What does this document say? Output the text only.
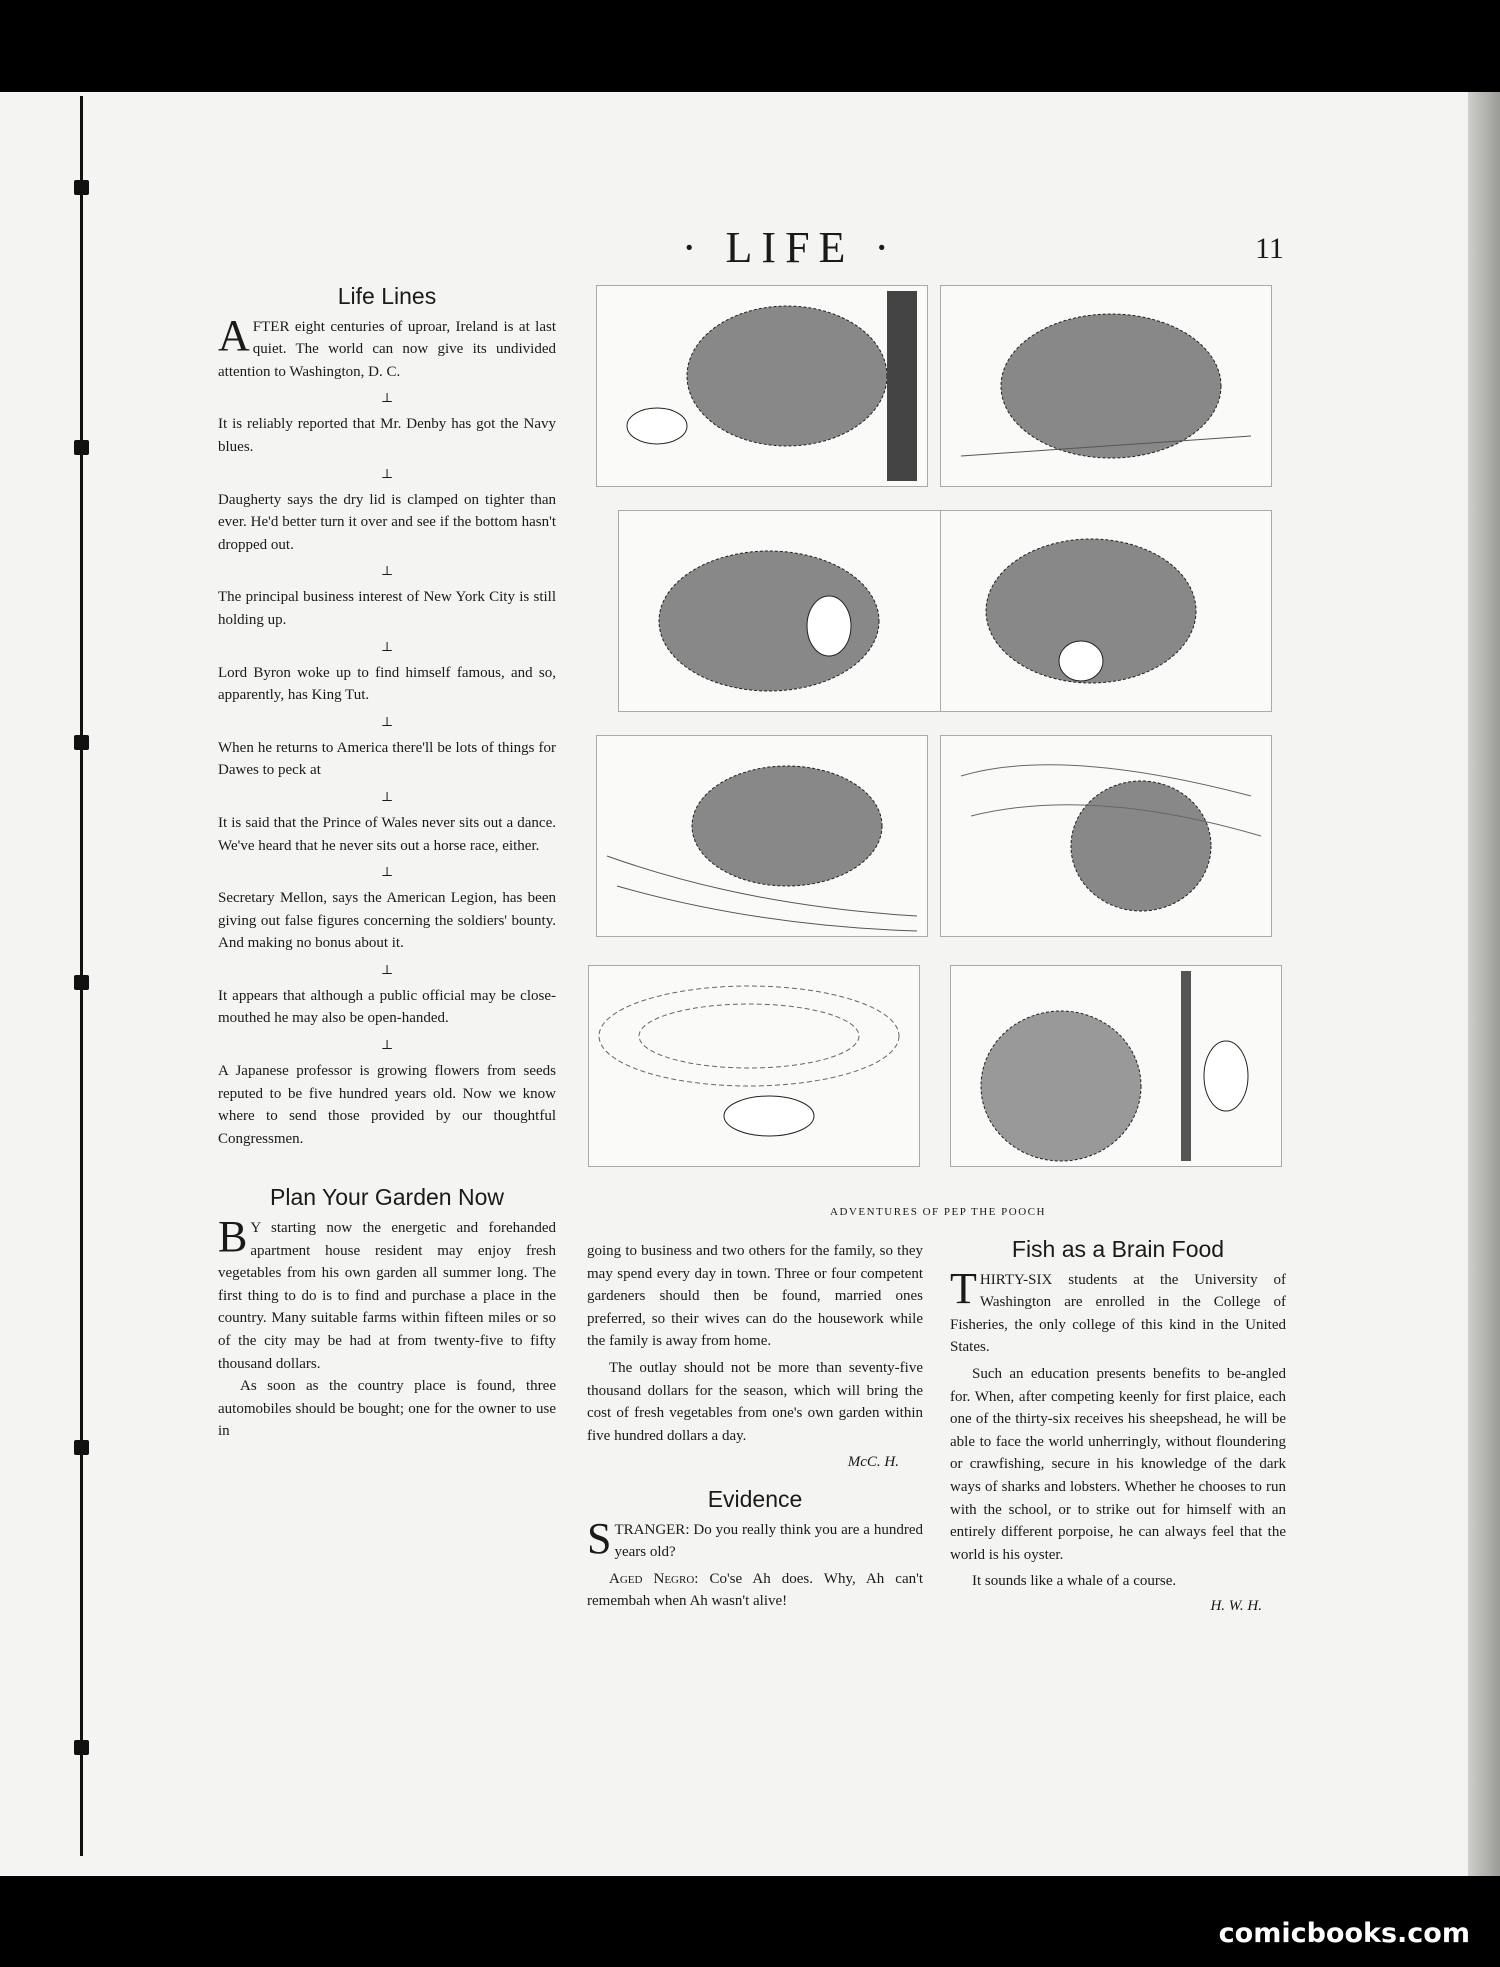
· LIFE ·	11
Life Lines

AFTER eight centuries of uproar, Ireland is at last quiet. The world can now give its undivided attention to Washington, D. C.

⊥

It is reliably reported that Mr. Denby has got the Navy blues.

⊥

Daugherty says the dry lid is clamped on tighter than ever. He'd better turn it over and see if the bottom hasn't dropped out.

⊥

The principal business interest of New York City is still holding up.

⊥

Lord Byron woke up to find himself famous, and so, apparently, has King Tut.

⊥

When he returns to America there'll be lots of things for Dawes to peck at

⊥

It is said that the Prince of Wales never sits out a dance. We've heard that he never sits out a horse race, either.

⊥

Secretary Mellon, says the American Legion, has been giving out false figures concerning the soldiers' bounty. And making no bonus about it.

⊥

It appears that although a public official may be close-mouthed he may also be open-handed.

⊥

A Japanese professor is growing flowers from seeds reputed to be five hundred years old. Now we know where to send those provided by our thoughtful Congressmen.

Plan Your Garden Now

B Y starting now the energetic and forehanded apartment house resident may enjoy fresh vegetables from his own garden all summer long. The first thing to do is to find and purchase a place in the country. Many suitable farms within fifteen miles or so of the city may be had at from twenty-five to fifty thousand dollars.

As soon as the country place is found, three automobiles should be bought; one for the owner to use in

ADVENTURES OF PEP THE POOCH

going to business and two others for the family, so they may spend every day in town. Three or four competent gardeners should then be found, married ones preferred, so their wives can do the housework while the family is away from home.

The outlay should not be more than seventy-five thousand dollars for the season, which will bring the cost of fresh vegetables from one's own garden within five hundred dollars a day.

McC. H.
Evidence

STRANGER: Do you really think you are a hundred years old?

Aged Negro: Co'se Ah does. Why, Ah can't remembah when Ah wasn't alive!

Fish as a Brain Food

THIRTY-SIX students at the University of Washington are enrolled in the College of Fisheries, the only college of this kind in the United States.

Such an education presents benefits to be-angled for. When, after competing keenly for first plaice, each one of the thirty-six receives his sheepshead, he will be able to face the world unherringly, without floundering or crawfishing, secure in his knowledge of the dark ways of sharks and lobsters. Whether he chooses to run with the school, or to strike out for himself with an entirely different porpoise, he can always feel that the world is his oyster.

It sounds like a whale of a course.

H. W. H.
comicbooks.com
